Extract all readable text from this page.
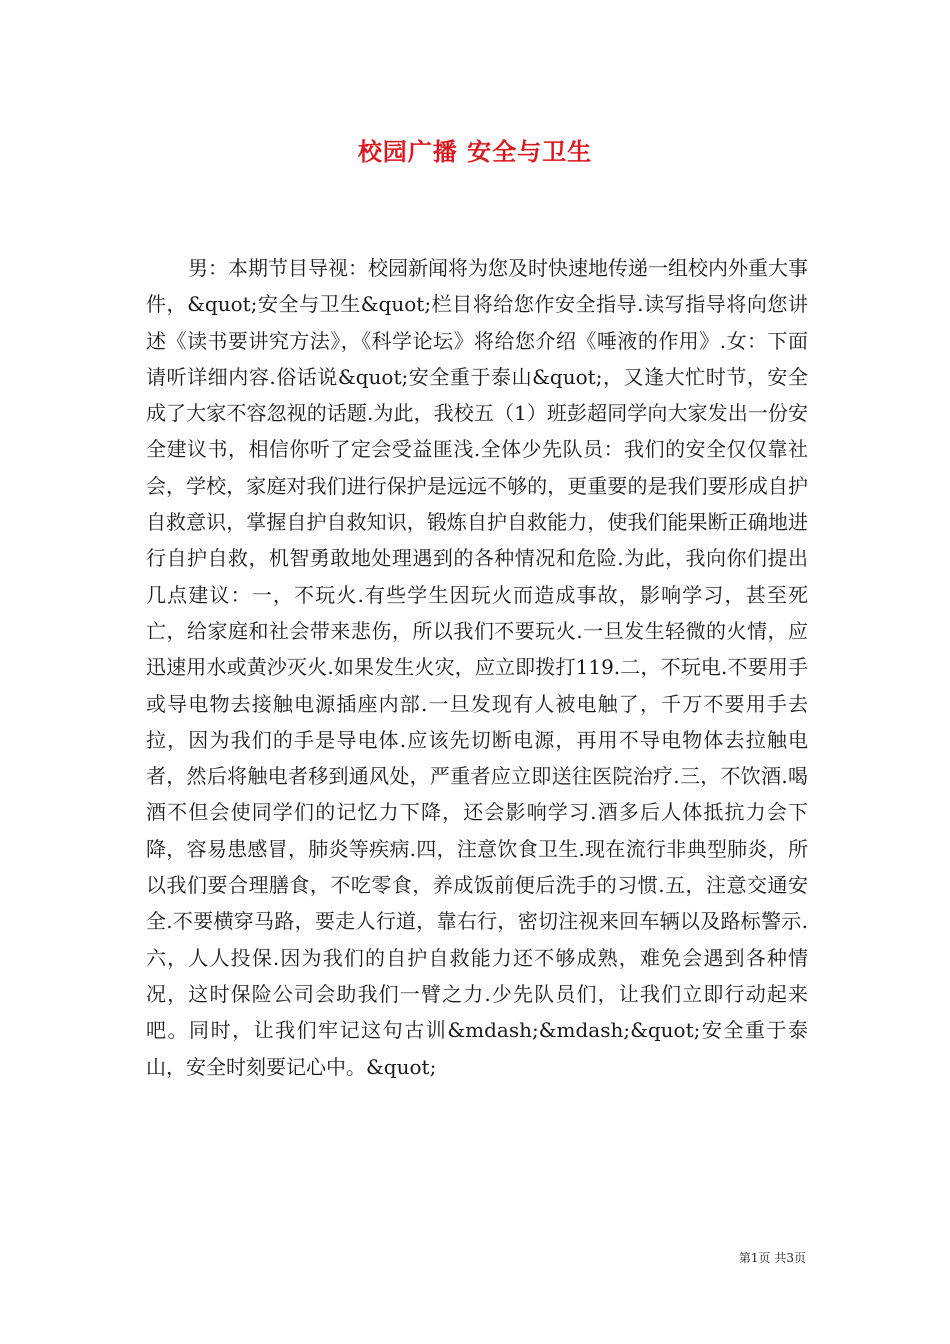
校园广播 安全与卫生

男：本期节目导视：校园新闻将为您及时快速地传递一组校内外重大事件，&quot;安全与卫生&quot;栏目将给您作安全指导.读写指导将向您讲述《读书要讲究方法》，《科学论坛》将给您介绍《唾液的作用》.女：下面请听详细内容.俗话说&quot;安全重于泰山&quot;，又逢大忙时节，安全成了大家不容忽视的话题.为此，我校五（1）班彭超同学向大家发出一份安全建议书，相信你听了定会受益匪浅.全体少先队员：我们的安全仅仅靠社会，学校，家庭对我们进行保护是远远不够的，更重要的是我们要形成自护自救意识，掌握自护自救知识，锻炼自护自救能力，使我们能果断正确地进行自护自救，机智勇敢地处理遇到的各种情况和危险.为此，我向你们提出几点建议：一，不玩火.有些学生因玩火而造成事故，影响学习，甚至死亡，给家庭和社会带来悲伤，所以我们不要玩火.一旦发生轻微的火情，应迅速用水或黄沙灭火.如果发生火灾，应立即拨打119.二，不玩电.不要用手或导电物去接触电源插座内部.一旦发现有人被电触了，千万不要用手去拉，因为我们的手是导电体.应该先切断电源，再用不导电物体去拉触电者，然后将触电者移到通风处，严重者应立即送往医院治疗.三，不饮酒.喝酒不但会使同学们的记忆力下降，还会影响学习.酒多后人体抵抗力会下降，容易患感冒，肺炎等疾病.四，注意饮食卫生.现在流行非典型肺炎，所以我们要合理膳食，不吃零食，养成饭前便后洗手的习惯.五，注意交通安全.不要横穿马路，要走人行道，靠右行，密切注视来回车辆以及路标警示.六，人人投保.因为我们的自护自救能力还不够成熟，难免会遇到各种情况，这时保险公司会助我们一臂之力.少先队员们，让我们立即行动起来吧。同时，让我们牢记这句古训&mdash;&mdash;&quot;安全重于泰山，安全时刻要记心中。&quot;

第1页 共3页
